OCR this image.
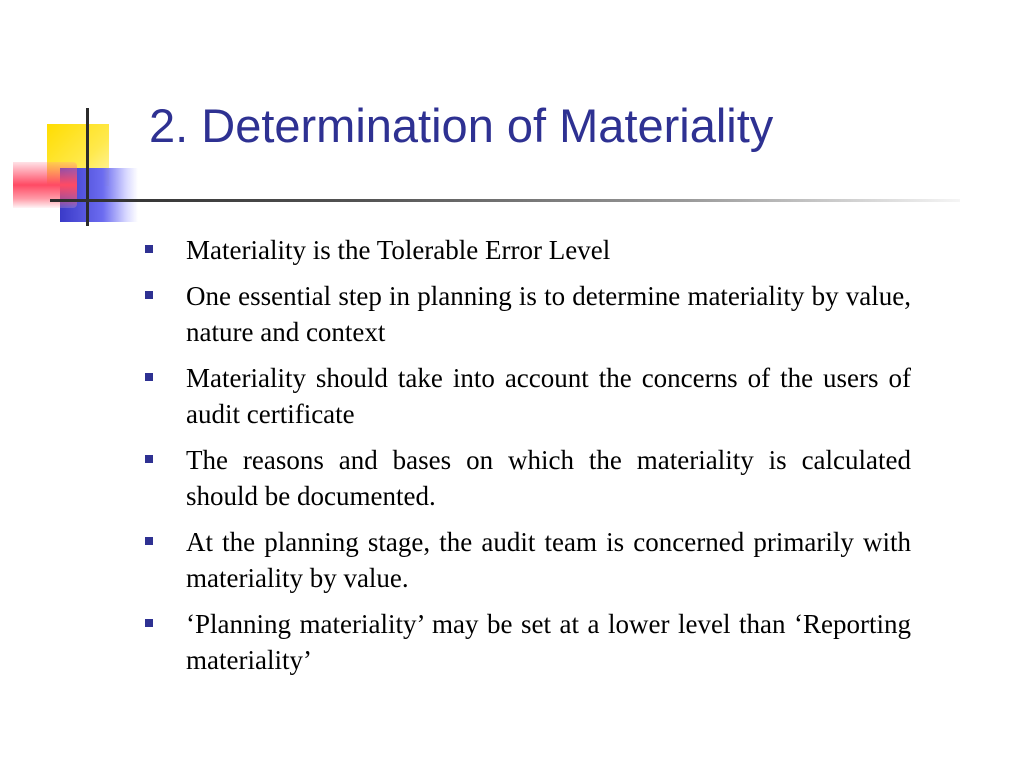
2. Determination of Materiality
Materiality is the Tolerable Error Level
One essential step in planning is to determine materiality by value, nature and context
Materiality should take into account the concerns of the users of audit certificate
The reasons and bases on which the materiality is calculated should be documented.
At the planning stage, the audit team is concerned primarily with materiality by value.
‘Planning materiality’ may be set at a lower level than ‘Reporting materiality’
